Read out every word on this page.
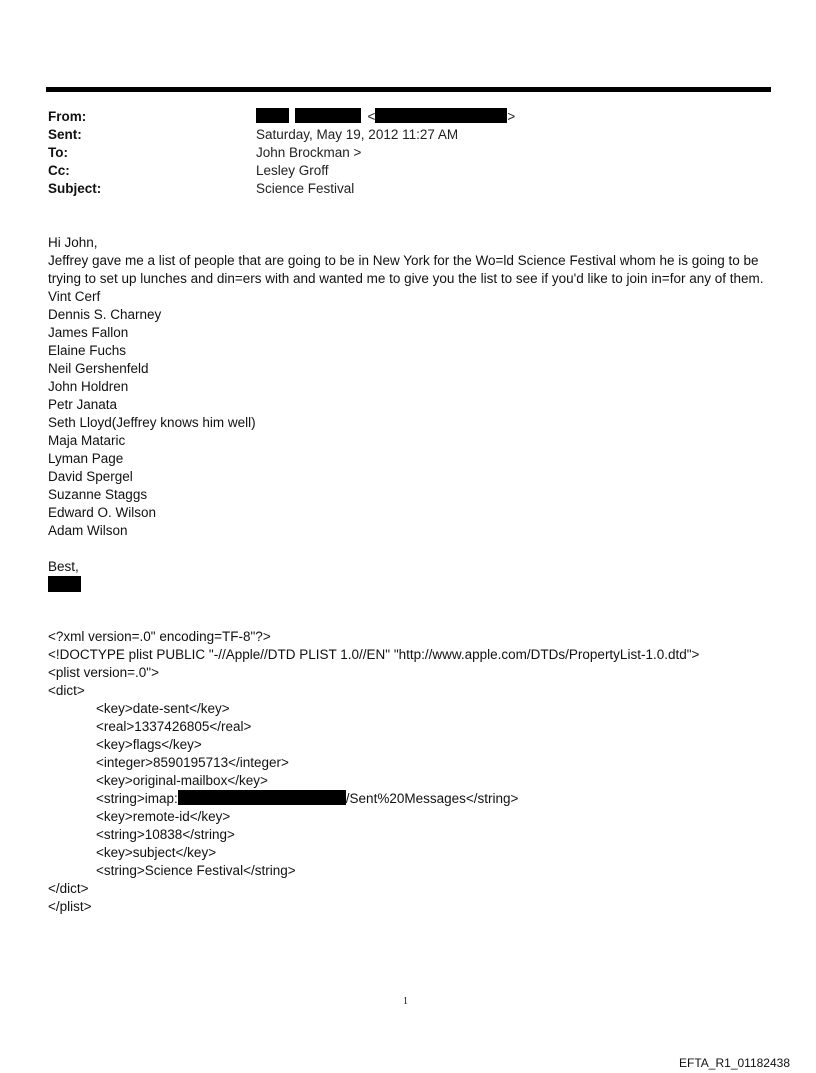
From:
Sent:
To:
Cc:
Subject:
<	>
Saturday, May 19, 2012 11:27 AM
John Brockman >
Lesley Groff
Science Festival

Hi John,

Jeffrey gave me a list of people that are going to be in New York for the Wo=ld Science Festival whom he is going to be trying to set up lunches and din=ers with and wanted me to give you the list to see if you'd like to join in=for any of them.

Vint Cerf
Dennis S. Charney
James Fallon
Elaine Fuchs
Neil Gershenfeld
John Holdren
Petr Janata
Seth Lloyd(Jeffrey knows him well)
Maja Mataric
Lyman Page
David Spergel
Suzanne Staggs
Edward O. Wilson
Adam Wilson

Best,

<?xml version=.0" encoding=TF-8"?>
<!DOCTYPE plist PUBLIC "-//Apple//DTD PLIST 1.0//EN" "http://www.apple.com/DTDs/PropertyList-1.0.dtd">
<plist version=.0">
<dict>
<key>date-sent</key>
<real>1337426805</real>
<key>flags</key>
<integer>8590195713</integer>
<key>original-mailbox</key>
<string>imap:	/Sent%20Messages</string>
<key>remote-id</key>
<string>10838</string>
<key>subject</key>
<string>Science Festival</string>
</dict>
</plist>
1
EFTA_R1_01182438
